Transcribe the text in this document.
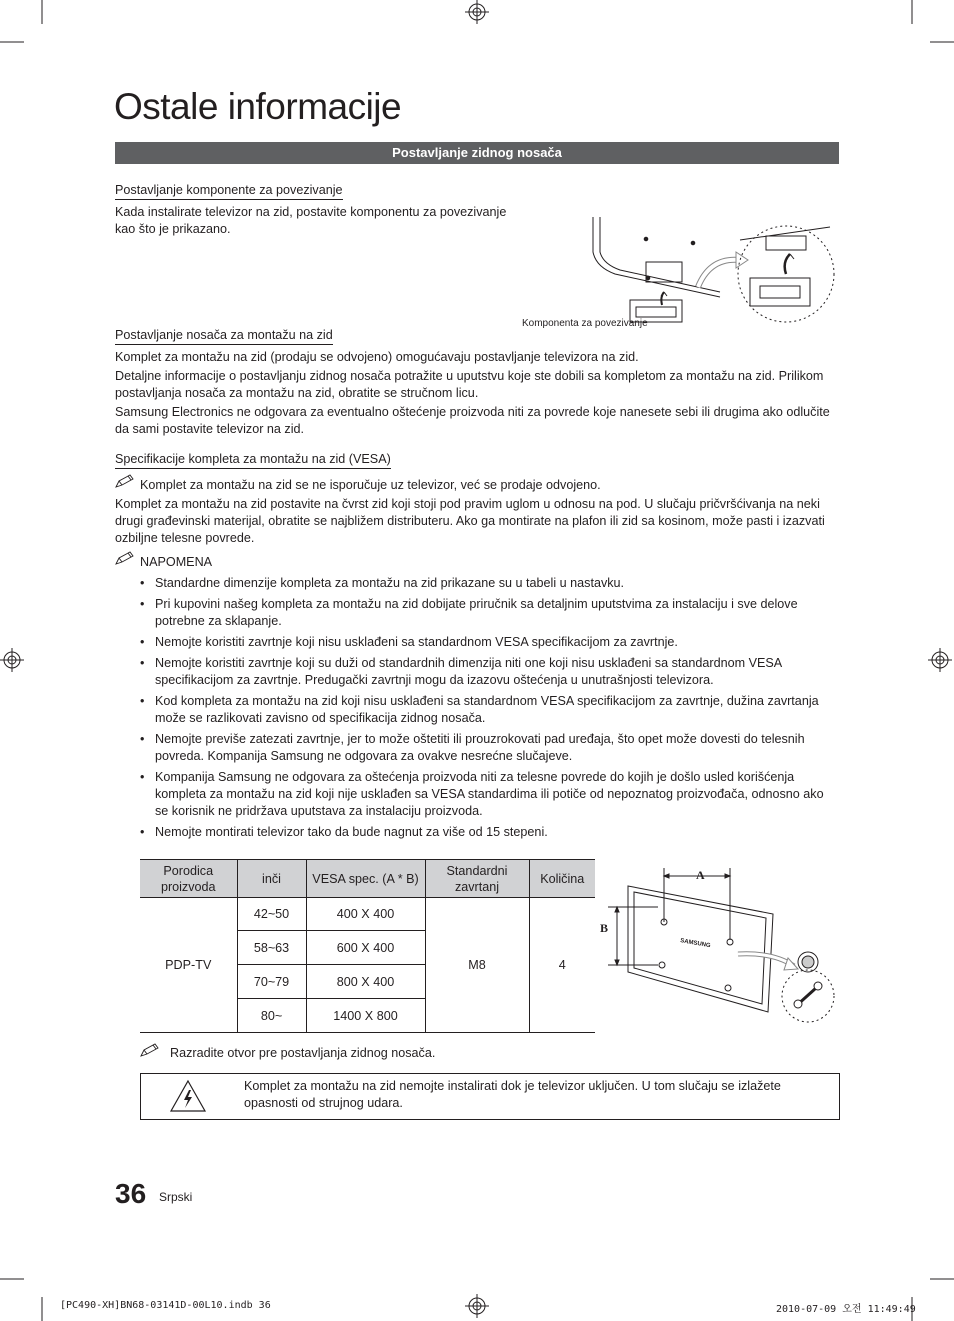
Ostale informacije
Postavljanje zidnog nosača
Postavljanje komponente za povezivanje
Kada instalirate televizor na zid, postavite komponentu za povezivanje kao što je prikazano.
Komponenta za povezivanje
Postavljanje nosača za montažu na zid
Komplet za montažu na zid (prodaju se odvojeno) omogućavaju postavljanje televizora na zid.
Detaljne informacije o postavljanju zidnog nosača potražite u uputstvu koje ste dobili sa kompletom za montažu na zid. Prilikom postavljanja nosača za montažu na zid, obratite se stručnom licu.
Samsung Electronics ne odgovara za eventualno oštećenje proizvoda niti za povrede koje nanesete sebi ili drugima ako odlučite da sami postavite televizor na zid.
Specifikacije kompleta za montažu na zid (VESA)
Komplet za montažu na zid se ne isporučuje uz televizor, već se prodaje odvojeno.
Komplet za montažu na zid postavite na čvrst zid koji stoji pod pravim uglom u odnosu na pod. U slučaju pričvršćivanja na neki drugi građevinski materijal, obratite se najbližem distributeru. Ako ga montirate na plafon ili zid sa kosinom, može pasti i izazvati ozbiljne telesne povrede.
NAPOMENA
• Standardne dimenzije kompleta za montažu na zid prikazane su u tabeli u nastavku.
• Pri kupovini našeg kompleta za montažu na zid dobijate priručnik sa detaljnim uputstvima za instalaciju i sve delove potrebne za sklapanje.
• Nemojte koristiti zavrtnje koji nisu usklađeni sa standardnom VESA specifikacijom za zavrtnje.
• Nemojte koristiti zavrtnje koji su duži od standardnih dimenzija niti one koji nisu usklađeni sa standardnom VESA specifikacijom za zavrtnje. Predugački zavrtnji mogu da izazovu oštećenja u unutrašnjosti televizora.
• Kod kompleta za montažu na zid koji nisu usklađeni sa standardnom VESA specifikacijom za zavrtnje, dužina zavrtanja može se razlikovati zavisno od specifikacija zidnog nosača.
• Nemojte previše zatezati zavrtnje, jer to može oštetiti ili prouzrokovati pad uređaja, što opet može dovesti do telesnih povreda. Kompanija Samsung ne odgovara za ovakve nesrećne slučajeve.
• Kompanija Samsung ne odgovara za oštećenja proizvoda niti za telesne povrede do kojih je došlo usled korišćenja kompleta za montažu na zid koji nije usklađen sa VESA standardima ili potiče od nepoznatog proizvođača, odnosno ako se korisnik ne pridržava uputstava za instalaciju proizvoda.
• Nemojte montirati televizor tako da bude nagnut za više od 15 stepeni.
Porodica proizvoda	inči	VESA spec. (A * B)	Standardni zavrtanj	Količina
PDP-TV	42~50	400 X 400	M8	4
	58~63	600 X 400		
	70~79	800 X 400		
	80~	1400 X 800		
A
B
SAMSUNG
Razradite otvor pre postavljanja zidnog nosača.
Komplet za montažu na zid nemojte instalirati dok je televizor uključen. U tom slučaju se izlažete opasnosti od strujnog udara.
36 Srpski
[PC490-XH]BN68-03141D-00L10.indb 36	2010-07-09 오전 11:49:49
